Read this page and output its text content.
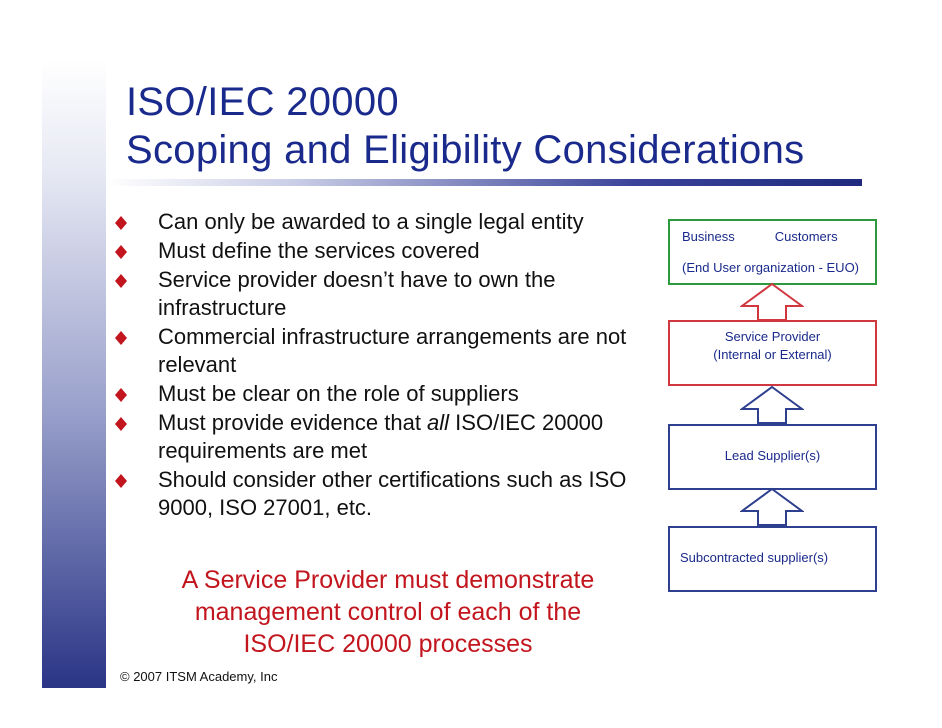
ISO/IEC 20000
Scoping and Eligibility Considerations
Can only be awarded to a single legal entity
Must define the services covered
Service provider doesn’t have to own the infrastructure
Commercial infrastructure arrangements are not relevant
Must be clear on the role of suppliers
Must provide evidence that all ISO/IEC 20000 requirements are met
Should consider other certifications such as ISO 9000, ISO 27001, etc.
A Service Provider must demonstrate
management control of each of the
ISO/IEC 20000 processes
© 2007 ITSM Academy, Inc
Business	Customers
(End User organization - EUO)
Service Provider
(Internal or External)
Lead Supplier(s)
Subcontracted supplier(s)
